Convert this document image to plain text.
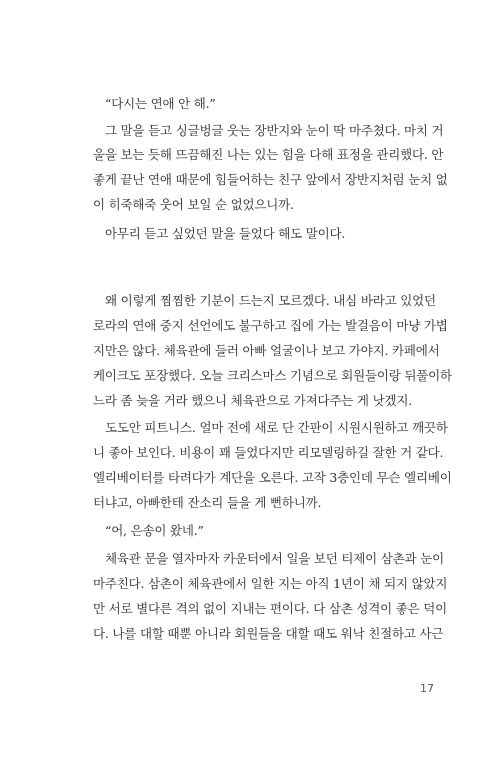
“다시는 연애 안 해.”
그 말을 듣고 싱글벙글 웃는 장반지와 눈이 딱 마주쳤다. 마치 거
울을 보는 듯해 뜨끔해진 나는 있는 힘을 다해 표정을 관리했다. 안
좋게 끝난 연애 때문에 힘들어하는 친구 앞에서 장반지처럼 눈치 없
이 히죽해죽 웃어 보일 순 없었으니까.
아무리 듣고 싶었던 말을 들었다 해도 말이다.
왜 이렇게 찜찜한 기분이 드는지 모르겠다. 내심 바라고 있었던
로라의 연애 중지 선언에도 불구하고 집에 가는 발걸음이 마냥 가볍
지만은 않다. 체육관에 들러 아빠 얼굴이나 보고 가야지. 카페에서
케이크도 포장했다. 오늘 크리스마스 기념으로 회원들이랑 뒤풀이하
느라 좀 늦을 거라 했으니 체육관으로 가져다주는 게 낫겠지.
도도안 피트니스. 얼마 전에 새로 단 간판이 시원시원하고 깨끗하
니 좋아 보인다. 비용이 꽤 들었다지만 리모델링하길 잘한 거 같다.
엘리베이터를 타려다가 계단을 오른다. 고작 3층인데 무슨 엘리베이
터냐고, 아빠한테 잔소리 들을 게 뻔하니까.
“어, 은송이 왔네.”
체육관 문을 열자마자 카운터에서 일을 보던 티제이 삼촌과 눈이
마주친다. 삼촌이 체육관에서 일한 지는 아직 1년이 채 되지 않았지
만 서로 별다른 격의 없이 지내는 편이다. 다 삼촌 성격이 좋은 덕이
다. 나를 대할 때뿐 아니라 회원들을 대할 때도 워낙 친절하고 사근
17
